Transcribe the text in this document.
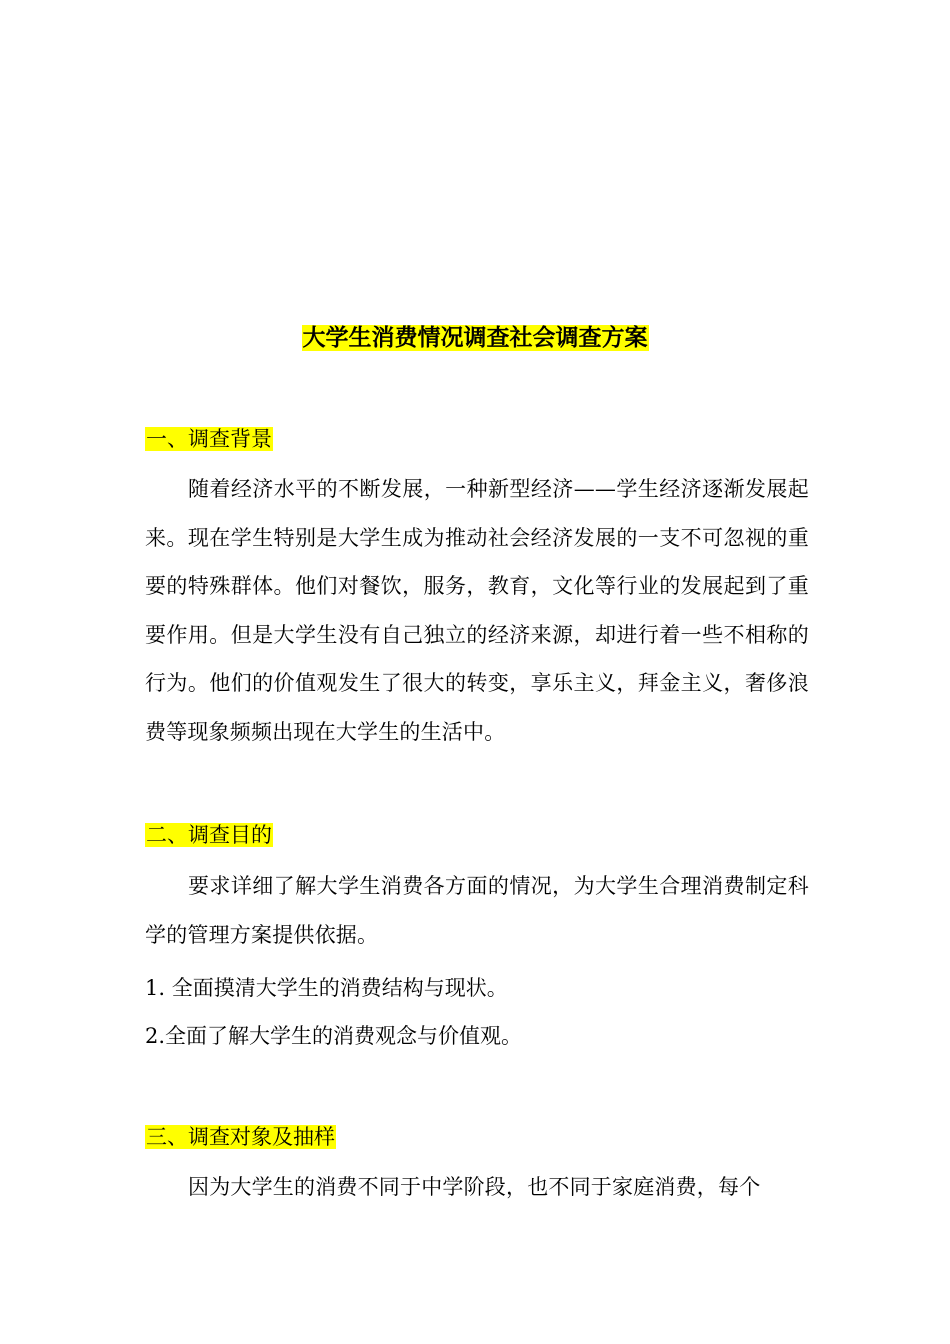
大学生消费情况调查社会调查方案
一、调查背景

随着经济水平的不断发展，一种新型经济——学生经济逐渐发展起来。现在学生特别是大学生成为推动社会经济发展的一支不可忽视的重要的特殊群体。他们对餐饮，服务，教育，文化等行业的发展起到了重要作用。但是大学生没有自己独立的经济来源，却进行着一些不相称的行为。他们的价值观发生了很大的转变，享乐主义，拜金主义，奢侈浪费等现象频频出现在大学生的生活中。

二、调查目的

要求详细了解大学生消费各方面的情况，为大学生合理消费制定科学的管理方案提供依据。

1. 全面摸清大学生的消费结构与现状。
2.全面了解大学生的消费观念与价值观。
三、调查对象及抽样

因为大学生的消费不同于中学阶段，也不同于家庭消费，每个
